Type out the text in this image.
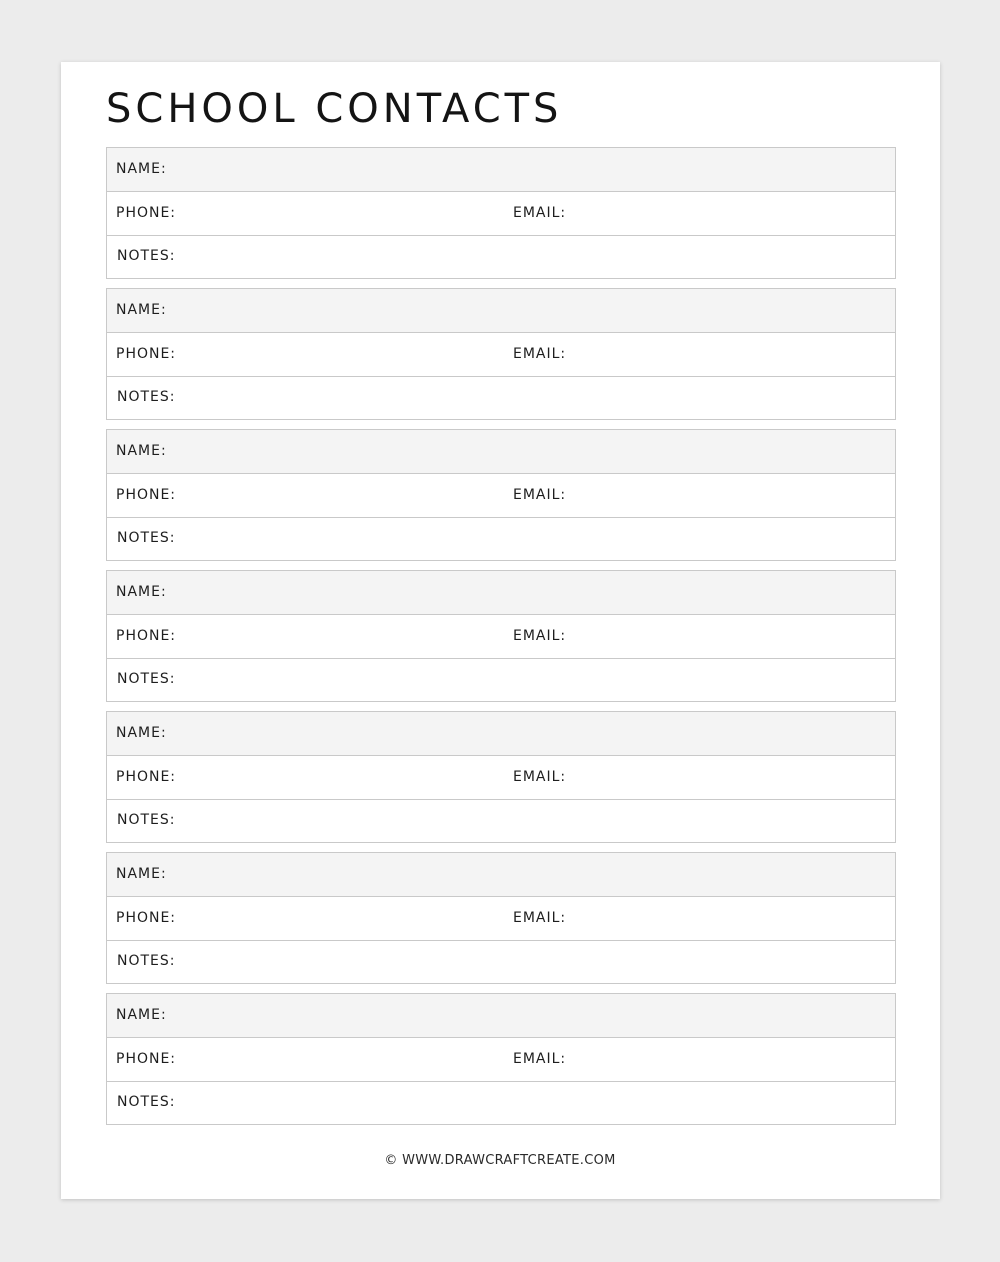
SCHOOL CONTACTS
NAME:
PHONE:	EMAIL:
NOTES:
NAME:
PHONE:	EMAIL:
NOTES:
NAME:
PHONE:	EMAIL:
NOTES:
NAME:
PHONE:	EMAIL:
NOTES:
NAME:
PHONE:	EMAIL:
NOTES:
NAME:
PHONE:	EMAIL:
NOTES:
NAME:
PHONE:	EMAIL:
NOTES:
© WWW.DRAWCRAFTCREATE.COM
